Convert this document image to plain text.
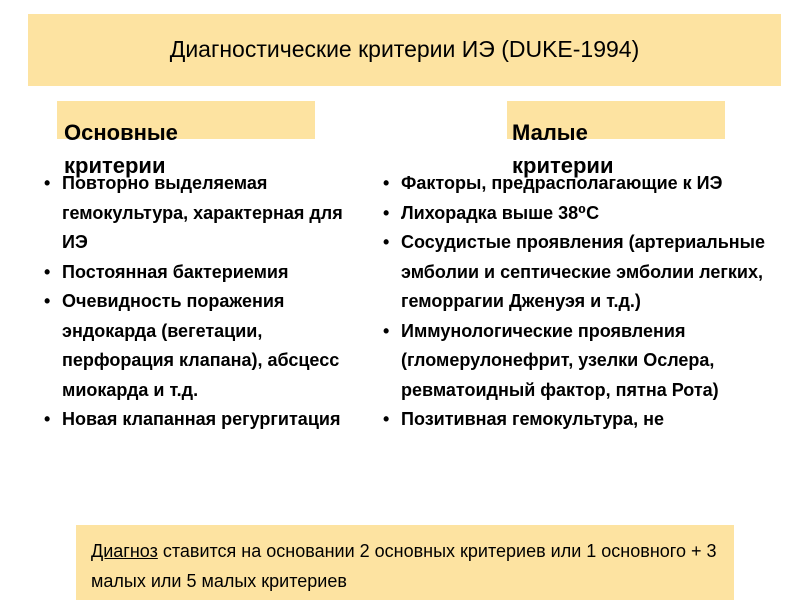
Диагностические критерии ИЭ (DUKE-1994)
Основные критерии
Малые критерии
• Повторно выделяемая гемокультура, характерная для ИЭ
• Постоянная бактериемия
• Очевидность поражения эндокарда (вегетации, перфорация клапана), абсцесс миокарда и т.д.
• Новая клапанная регургитация
• Факторы, предрасполагающие к ИЭ
• Лихорадка выше 38⁰С
• Сосудистые проявления (артериальные эмболии и септические эмболии легких, геморрагии Дженуэя и т.д.)
• Иммунологические проявления (гломерулонефрит, узелки Ослера, ревматоидный фактор, пятна Рота)
• Позитивная гемокультура, не
Диагноз ставится на основании 2 основных критериев или 1 основного + 3 малых или 5 малых критериев
